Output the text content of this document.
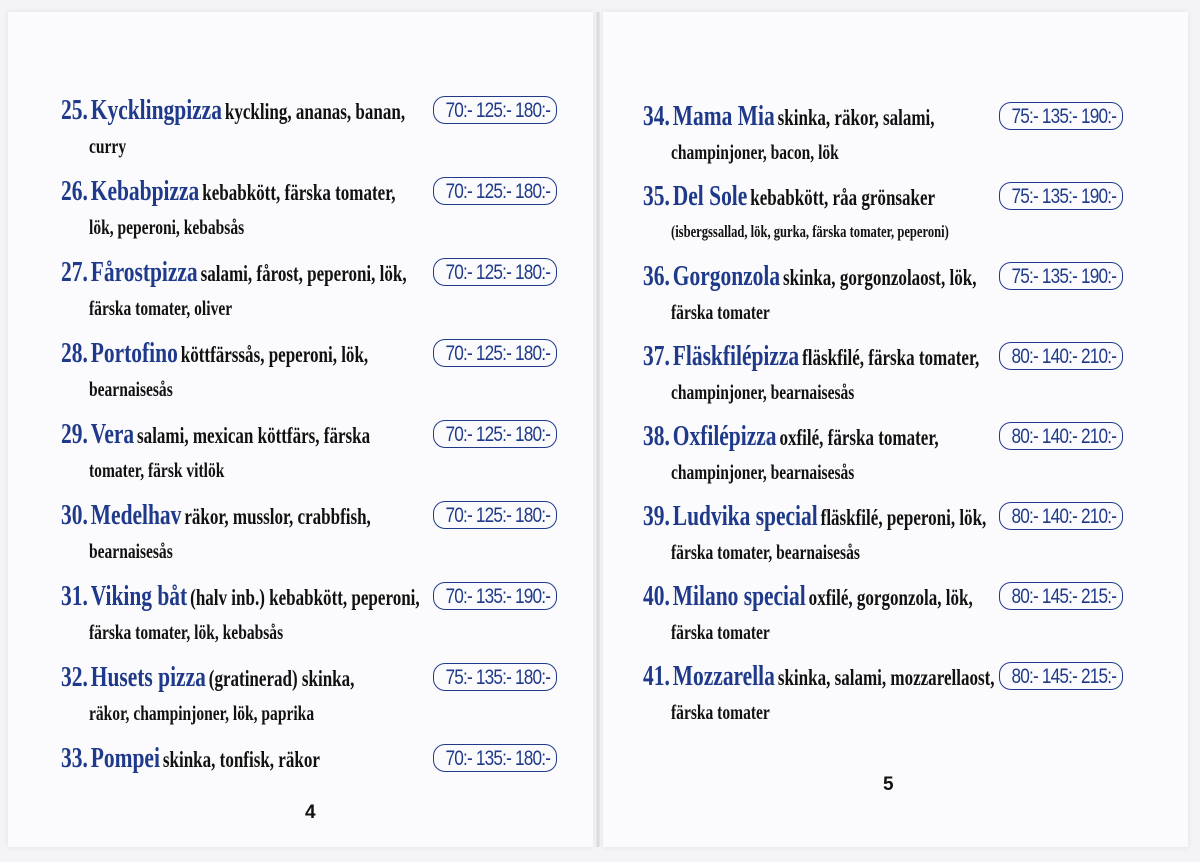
25. Kycklingpizza kyckling, ananas, banan,
curry
70:- 125:- 180:-
26. Kebabpizza kebabkött, färska tomater,
lök, peperoni, kebabsås
70:- 125:- 180:-
27. Fårostpizza salami, fårost, peperoni, lök,
färska tomater, oliver
70:- 125:- 180:-
28. Portofino köttfärssås, peperoni, lök,
bearnaisesås
70:- 125:- 180:-
29. Vera salami, mexican köttfärs, färska
tomater, färsk vitlök
70:- 125:- 180:-
30. Medelhav räkor, musslor, crabbfish,
bearnaisesås
70:- 125:- 180:-
31. Viking båt (halv inb.) kebabkött, peperoni,
färska tomater, lök, kebabsås
70:- 135:- 190:-
32. Husets pizza (gratinerad) skinka,
räkor, champinjoner, lök, paprika
75:- 135:- 180:-
33. Pompei skinka, tonfisk, räkor	70:- 135:- 180:-
4
34. Mama Mia skinka, räkor, salami,
champinjoner, bacon, lök
75:- 135:- 190:-
35. Del Sole kebabkött, råa grönsaker
(isbergssallad, lök, gurka, färska tomater, peperoni)
75:- 135:- 190:-
36. Gorgonzola skinka, gorgonzolaost, lök,
färska tomater
75:- 135:- 190:-
37. Fläskfilépizza fläskfilé, färska tomater,
champinjoner, bearnaisesås
80:- 140:- 210:-
38. Oxfilépizza oxfilé, färska tomater,
champinjoner, bearnaisesås
80:- 140:- 210:-
39. Ludvika special fläskfilé, peperoni, lök,
färska tomater, bearnaisesås
80:- 140:- 210:-
40. Milano special oxfilé, gorgonzola, lök,
färska tomater
80:- 145:- 215:-
41. Mozzarella skinka, salami, mozzarellaost,
färska tomater
80:- 145:- 215:-
5
